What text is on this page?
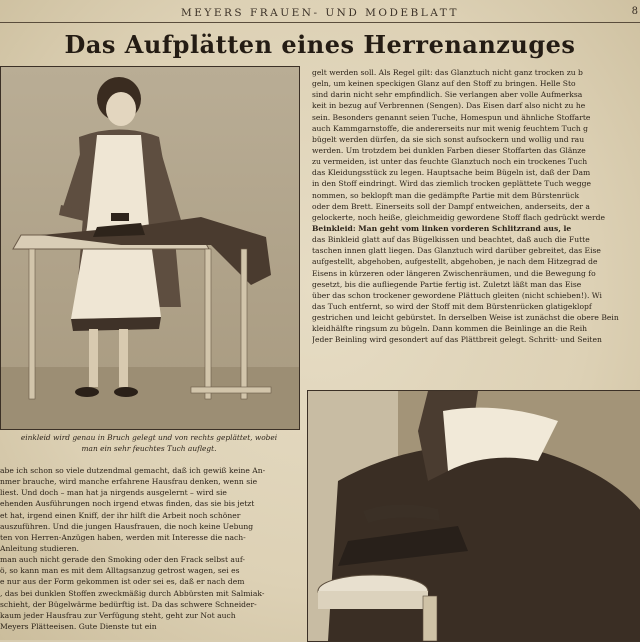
MEYERS FRAUEN- UND MODEBLATT	8
Das Aufplätten eines Herrenanzuges
einkleid wird genau in Bruch gelegt und von rechts geplättet, wobei
man ein sehr feuchtes Tuch auflegt.
gelt werden soll. Als Regel gilt: das Glanztuch nicht ganz trocken zu b
geln, um keinen speckigen Glanz auf den Stoff zu bringen. Helle Sto
sind darin nicht sehr empfindlich. Sie verlangen aber volle Aufmerksa
keit in bezug auf Verbrennen (Sengen). Das Eisen darf also nicht zu he
sein. Besonders genannt seien Tuche, Homespun und ähnliche Stoffarte
auch Kammgarnstoffe, die andererseits nur mit wenig feuchtem Tuch g
bügelt werden dürfen, da sie sich sonst aufsockern und wollig und rau
werden. Um trotzdem bei dunklen Farben dieser Stoffarten das Glänze
zu vermeiden, ist unter das feuchte Glanztuch noch ein trockenes Tuch
das Kleidungsstück zu legen. Hauptsache beim Bügeln ist, daß der Dam
in den Stoff eindringt. Wird das ziemlich trocken geplättete Tuch wegge
nommen, so beklopft man die gedämpfte Partie mit dem Bürstenrück
oder dem Brett. Einerseits soll der Dampf entweichen, anderseits, der a
gelockerte, noch heiße, gleichmeidig gewordene Stoff flach gedrückt werde
Beinkleid: Man geht vom linken vorderen Schlitzrand aus, le
das Binkleid glatt auf das Bügelkissen und beachtet, daß auch die Futte
taschen innen glatt liegen. Das Glanztuch wird darüber gebreitet, das Eise
aufgestellt, abgehoben, aufgestellt, abgehoben, je nach dem Hitzegrad de
Eisens in kürzeren oder längeren Zwischenräumen, und die Bewegung fo
gesetzt, bis die aufliegende Partie fertig ist. Zuletzt läßt man das Eise
über das schon trockener gewordene Plättuch gleiten (nicht schieben!). Wi
das Tuch entfernt, so wird der Stoff mit dem Bürstenrücken glatigeklopf
gestrichen und leicht gebürstet. In derselben Weise ist zunächst die obere Bein
kleidhälfte ringsum zu bügeln. Dann kommen die Beinlinge an die Reih
Jeder Beinling wird gesondert auf das Plättbreit gelegt. Schritt- und Seiten
abe ich schon so viele dutzendmal gemacht, daß ich gewiß keine An-
nmer brauche, wird manche erfahrene Hausfrau denken, wenn sie
liest. Und doch – man hat ja nirgends ausgelernt – wird sie
ehenden Ausführungen noch irgend etwas finden, das sie bis jetzt
et hat, irgend einen Kniff, der ihr hilft die Arbeit noch schöner
auszuführen. Und die jungen Hausfrauen, die noch keine Uebung
ten von Herren-Anzügen haben, werden mit Interesse die nach-
Anleitung studieren.
man auch nicht gerade den Smoking oder den Frack selbst auf-
ö, so kann man es mit dem Alltagsanzug getrost wagen, sei es
e nur aus der Form gekommen ist oder sei es, daß er nach dem
, das bei dunklen Stoffen zweckmäßig durch Abbürsten mit Salmiak-
schieht, der Bügelwärme bedürftig ist. Da das schwere Schneider-
kaum jeder Hausfrau zur Verfügung steht, geht zur Not auch
Meyers Plätteeisen. Gute Dienste tut ein
